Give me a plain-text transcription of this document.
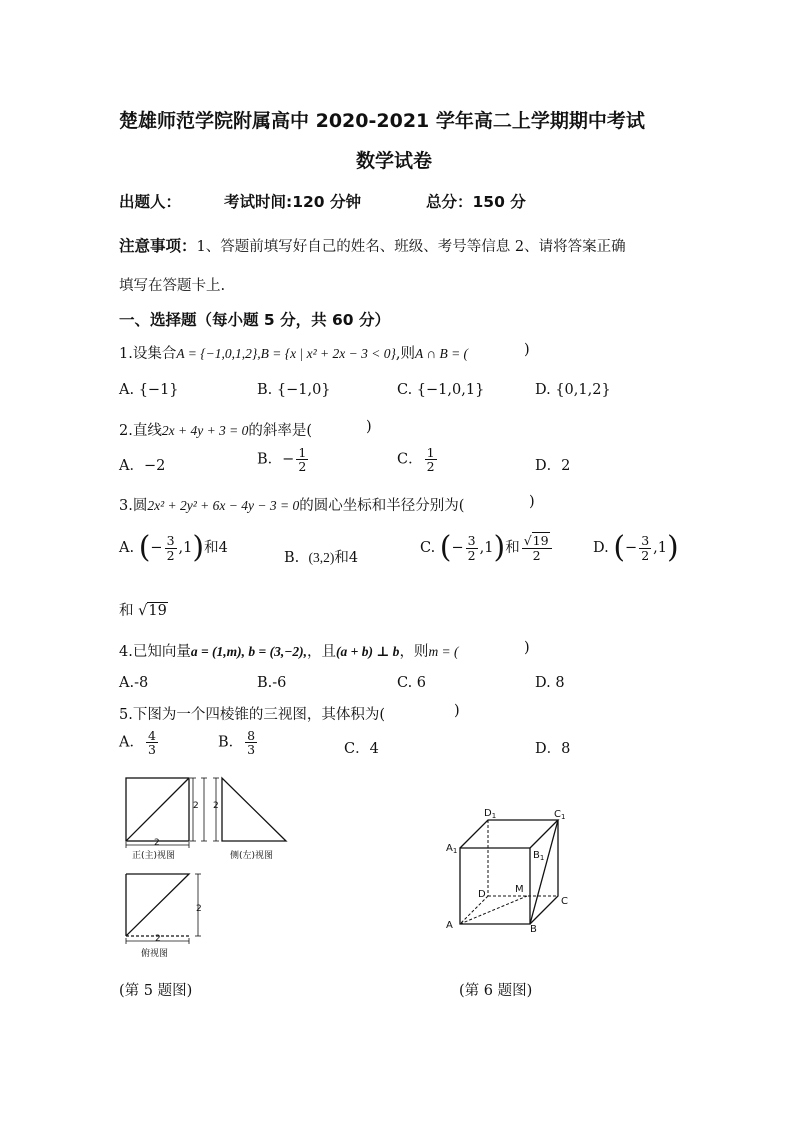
楚雄师范学院附属高中 2020-2021 学年高二上学期期中考试
数学试卷
出题人：	考试时间:120 分钟	总分：150 分
注意事项：1、答题前填写好自己的姓名、班级、考号等信息 2、请将答案正确
填写在答题卡上.
一、选择题（每小题 5 分，共 60 分）
1.设集合A = {−1,0,1,2},B = {x | x² + 2x − 3 < 0},则A ∩ B = (	)
A. {−1}	B. {−1,0}	C. {−1,0,1}	D. {0,1,2}
2.直线2x + 4y + 3 = 0的斜率是(	)
A．−2	B．− $\frac{1}{2}$	C． $\frac{1}{2}$	D．2
3.圆2x² + 2y² + 6x − 4y − 3 = 0的圆心坐标和半径分别为(	)
A. (− $\frac{3}{2} ,1$)和4
B. (3,2)和4
C. (− $\frac{3}{2} ,1$)和 $\frac{√19}{2}$	D. (− $\frac{3}{2} ,1$)
和 √19
4.已知向量a = (1,m), b = (3,−2),，且(a + b) ⊥ b，则m = (	)
A.-8	B.-6	C. 6	D. 8
5.下图为一个四棱锥的三视图，其体积为(	)
A． $\frac{4}{3}$	B． $\frac{8}{3}$	C．4	D．8
2
2 2
2
2
正(主)视图	侧(左)视图
俯视图
(第 5 题图)
$A_1$	$B_1$
$C_1$
$D_1$
A	B
C
D	M
(第 6 题图)
